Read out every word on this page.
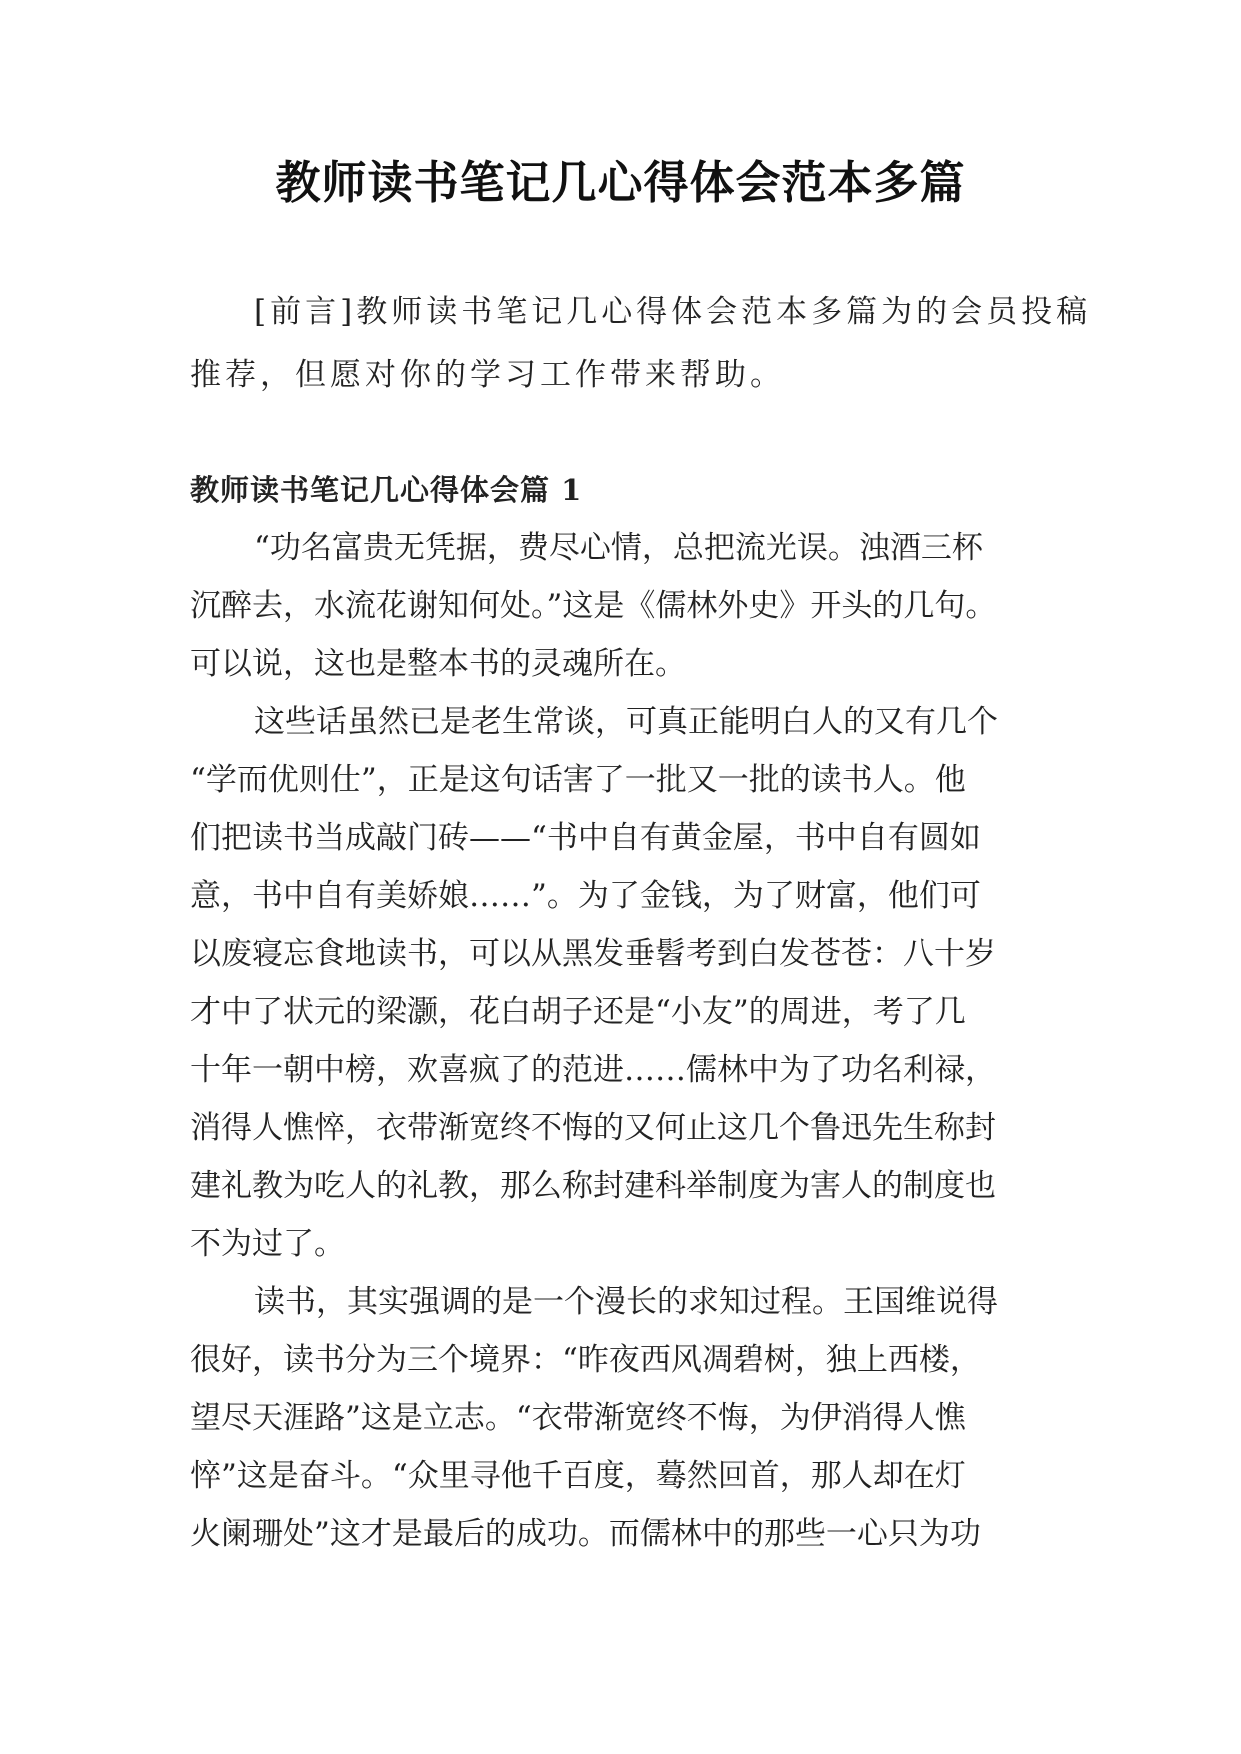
教师读书笔记几心得体会范本多篇
[前言]教师读书笔记几心得体会范本多篇为的会员投稿
推荐，但愿对你的学习工作带来帮助。
教师读书笔记几心得体会篇 1
“功名富贵无凭据，费尽心情，总把流光误。浊酒三杯
沉醉去，水流花谢知何处。”这是《儒林外史》开头的几句。
可以说，这也是整本书的灵魂所在。
这些话虽然已是老生常谈，可真正能明白人的又有几个
“学而优则仕”，正是这句话害了一批又一批的读书人。他
们把读书当成敲门砖——“书中自有黄金屋，书中自有圆如
意，书中自有美娇娘……”。为了金钱，为了财富，他们可
以废寝忘食地读书，可以从黑发垂髫考到白发苍苍：八十岁
才中了状元的梁灏，花白胡子还是“小友”的周进，考了几
十年一朝中榜，欢喜疯了的范进……儒林中为了功名利禄，
消得人憔悴，衣带渐宽终不悔的又何止这几个鲁迅先生称封
建礼教为吃人的礼教，那么称封建科举制度为害人的制度也
不为过了。
读书，其实强调的是一个漫长的求知过程。王国维说得
很好，读书分为三个境界：“昨夜西风凋碧树，独上西楼，
望尽天涯路”这是立志。“衣带渐宽终不悔，为伊消得人憔
悴”这是奋斗。“众里寻他千百度，蓦然回首，那人却在灯
火阑珊处”这才是最后的成功。而儒林中的那些一心只为功
